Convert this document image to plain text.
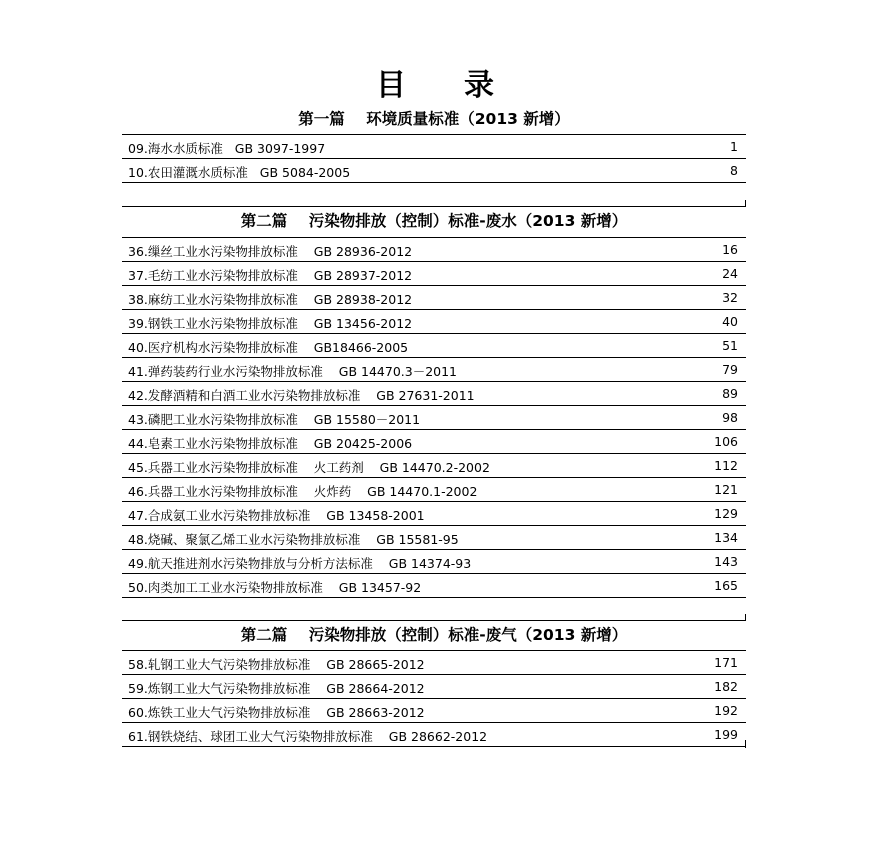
目录
第一篇    环境质量标准（2013 新增）
09.海水水质标准   GB 3097-1997	1
10.农田灌溉水质标准   GB 5084-2005	8
第二篇    污染物排放（控制）标准-废水（2013 新增）
36.缫丝工业水污染物排放标准    GB 28936-2012	16
37.毛纺工业水污染物排放标准    GB 28937-2012	24
38.麻纺工业水污染物排放标准    GB 28938-2012	32
39.钢铁工业水污染物排放标准    GB 13456-2012	40
40.医疗机构水污染物排放标准    GB18466-2005	51
41.弹药装药行业水污染物排放标准    GB 14470.3－2011	79
42.发酵酒精和白酒工业水污染物排放标准    GB 27631-2011	89
43.磷肥工业水污染物排放标准    GB 15580－2011	98
44.皂素工业水污染物排放标准    GB 20425-2006	106
45.兵器工业水污染物排放标准    火工药剂    GB 14470.2-2002	112
46.兵器工业水污染物排放标准    火炸药    GB 14470.1-2002	121
47.合成氨工业水污染物排放标准    GB 13458-2001	129
48.烧碱、聚氯乙烯工业水污染物排放标准    GB 15581-95	134
49.航天推进剂水污染物排放与分析方法标准    GB 14374-93	143
50.肉类加工工业水污染物排放标准    GB 13457-92	165
第二篇    污染物排放（控制）标准-废气（2013 新增）
58.轧钢工业大气污染物排放标准    GB 28665-2012	171
59.炼钢工业大气污染物排放标准    GB 28664-2012	182
60.炼铁工业大气污染物排放标准    GB 28663-2012	192
61.钢铁烧结、球团工业大气污染物排放标准    GB 28662-2012	199
